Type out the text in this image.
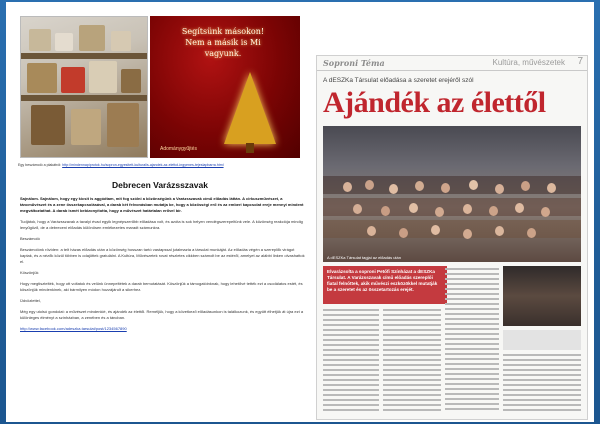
Segítsünk másokon!
Nem a másik is Mi vagyunk.
Adománygyűjtés
Egy beszámoló a plakátról: http://mindennapiprotok.hu/sopron-egyesitett-kulturalis-ajandek-az-elettol-ingyenes-tejeslapbarra.html
Debrecen Varázsszavak

Sajnálom. Sajnálom, hogy egy kicsit is aggódtam, mit fog szólni a közönségünk a Varázsszavak című előadás láttán. A cirkuszművészet, a táncművészet és a zene összekapcsolásával, a darab két felvonásban mutatja be, hogy a közösségi erő és az emberi kapcsolat ereje mennyi mindent megváltoztathat. A darab ismét bebizonyította, hogy a művészet határtalan erővel bír.

Tudjátok, hogy a Varázsszavak a tavalyi évad egyik legnépszerűbb előadása volt, és azóta is sok helyen vendégszerepeltünk vele. A közönség reakciója mindig lenyűgöző, de a debreceni előadás különösen emlékezetes maradt számunkra.

Beszámoló

Beszámolónk röviden: a telt házas előadás után a közönség hosszan tartó vastapssal jutalmazta a társulat munkáját. Az előadás végén a szereplők virágot kaptak, és a nézők közül többen is odajöttek gratulálni. A Kultúra, Művészetek rovat részletes cikkben számolt be az estéről, amelyet az alábbi linken olvashattok el.

Köszönjük

Hogy megtisztelték, hogy ott voltatok és velünk ünnepeltétek a darab bemutatását. Köszönjük a támogatóinknak, hogy lehetővé tették ezt a csodálatos estét, és köszönjük mindenkinek, aki bármilyen módon hozzájárult a sikerhez.

Üdvözlettel,

Még egy utolsó gondolat: a művészet mindenkié, és ajándék az élettől. Reméljük, hogy a következő előadásunkon is találkozunk, és együtt élhetjük át újra ezt a különleges élményt a színházban, a zenében és a táncban.

http://www.facebook.com/adeszka.tarsulat/post/1234567890

Soproni Téma	Kultúra, művészetek 7
A dESZKa Társulat előadása a szeretet erejéről szól
Ajándék az élettől
A dESZKa Társulat tagjai az előadás után
Elvarázsolta a soproni Petőfi Színházat a dESZKa Társulat. A Varázsszavak című előadás szereplői fiatal felnőttek, akik művészi eszközökkel mutatják be a szeretet és az összetartozás erejét.
